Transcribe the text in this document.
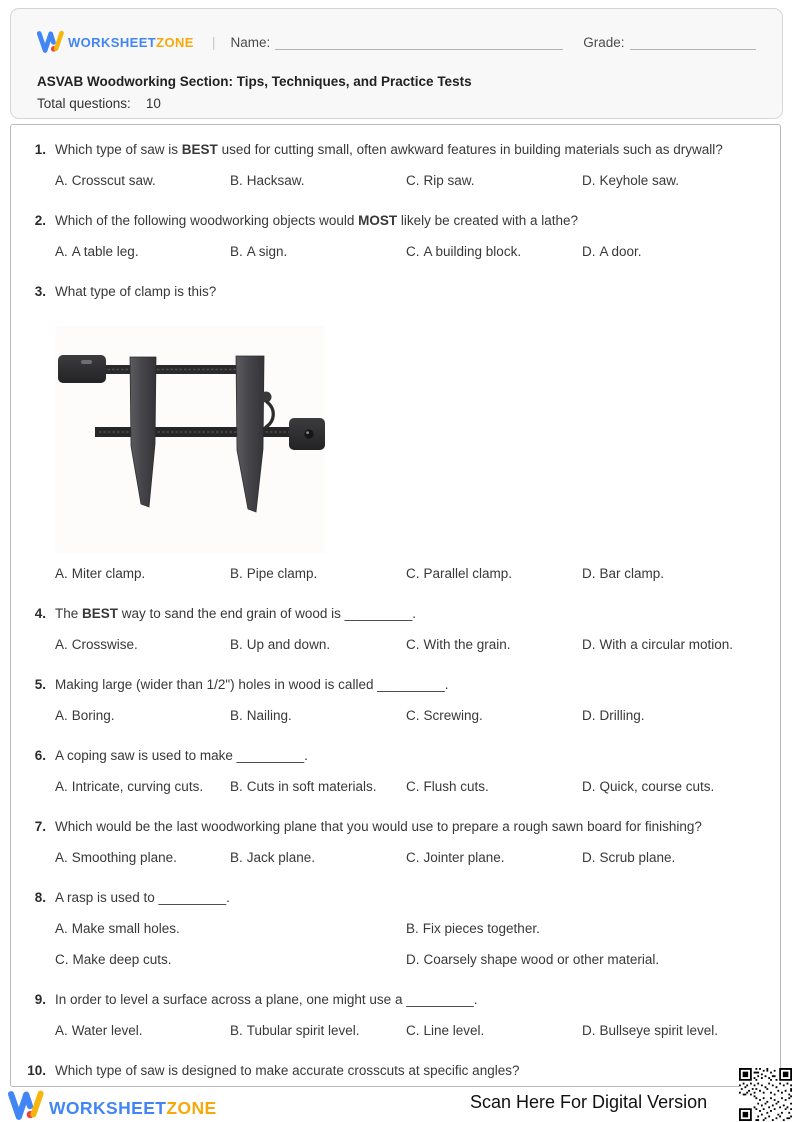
WORKSHEETZONE | Name:	Grade:
ASVAB Woodworking Section: Tips, Techniques, and Practice Tests
Total questions: 10
1. Which type of saw is BEST used for cutting small, often awkward features in building materials such as drywall?
A. Crosscut saw.	B. Hacksaw.	C. Rip saw.	D. Keyhole saw.
2. Which of the following woodworking objects would MOST likely be created with a lathe?
A. A table leg.	B. A sign.	C. A building block.	D. A door.
3. What type of clamp is this?
A. Miter clamp.	B. Pipe clamp.	C. Parallel clamp.	D. Bar clamp.
4. The BEST way to sand the end grain of wood is _________.
A. Crosswise.	B. Up and down.	C. With the grain.	D. With a circular motion.
5. Making large (wider than 1/2") holes in wood is called _________.
A. Boring.	B. Nailing.	C. Screwing.	D. Drilling.
6. A coping saw is used to make _________.
A. Intricate, curving cuts.	B. Cuts in soft materials.	C. Flush cuts.	D. Quick, course cuts.
7. Which would be the last woodworking plane that you would use to prepare a rough sawn board for finishing?
A. Smoothing plane.	B. Jack plane.	C. Jointer plane.	D. Scrub plane.
8. A rasp is used to _________.
A. Make small holes.	B. Fix pieces together.
C. Make deep cuts.	D. Coarsely shape wood or other material.
9. In order to level a surface across a plane, one might use a _________.
A. Water level.	B. Tubular spirit level.	C. Line level.	D. Bullseye spirit level.
10. Which type of saw is designed to make accurate crosscuts at specific angles?
WORKSHEETZONE	Scan Here For Digital Version
